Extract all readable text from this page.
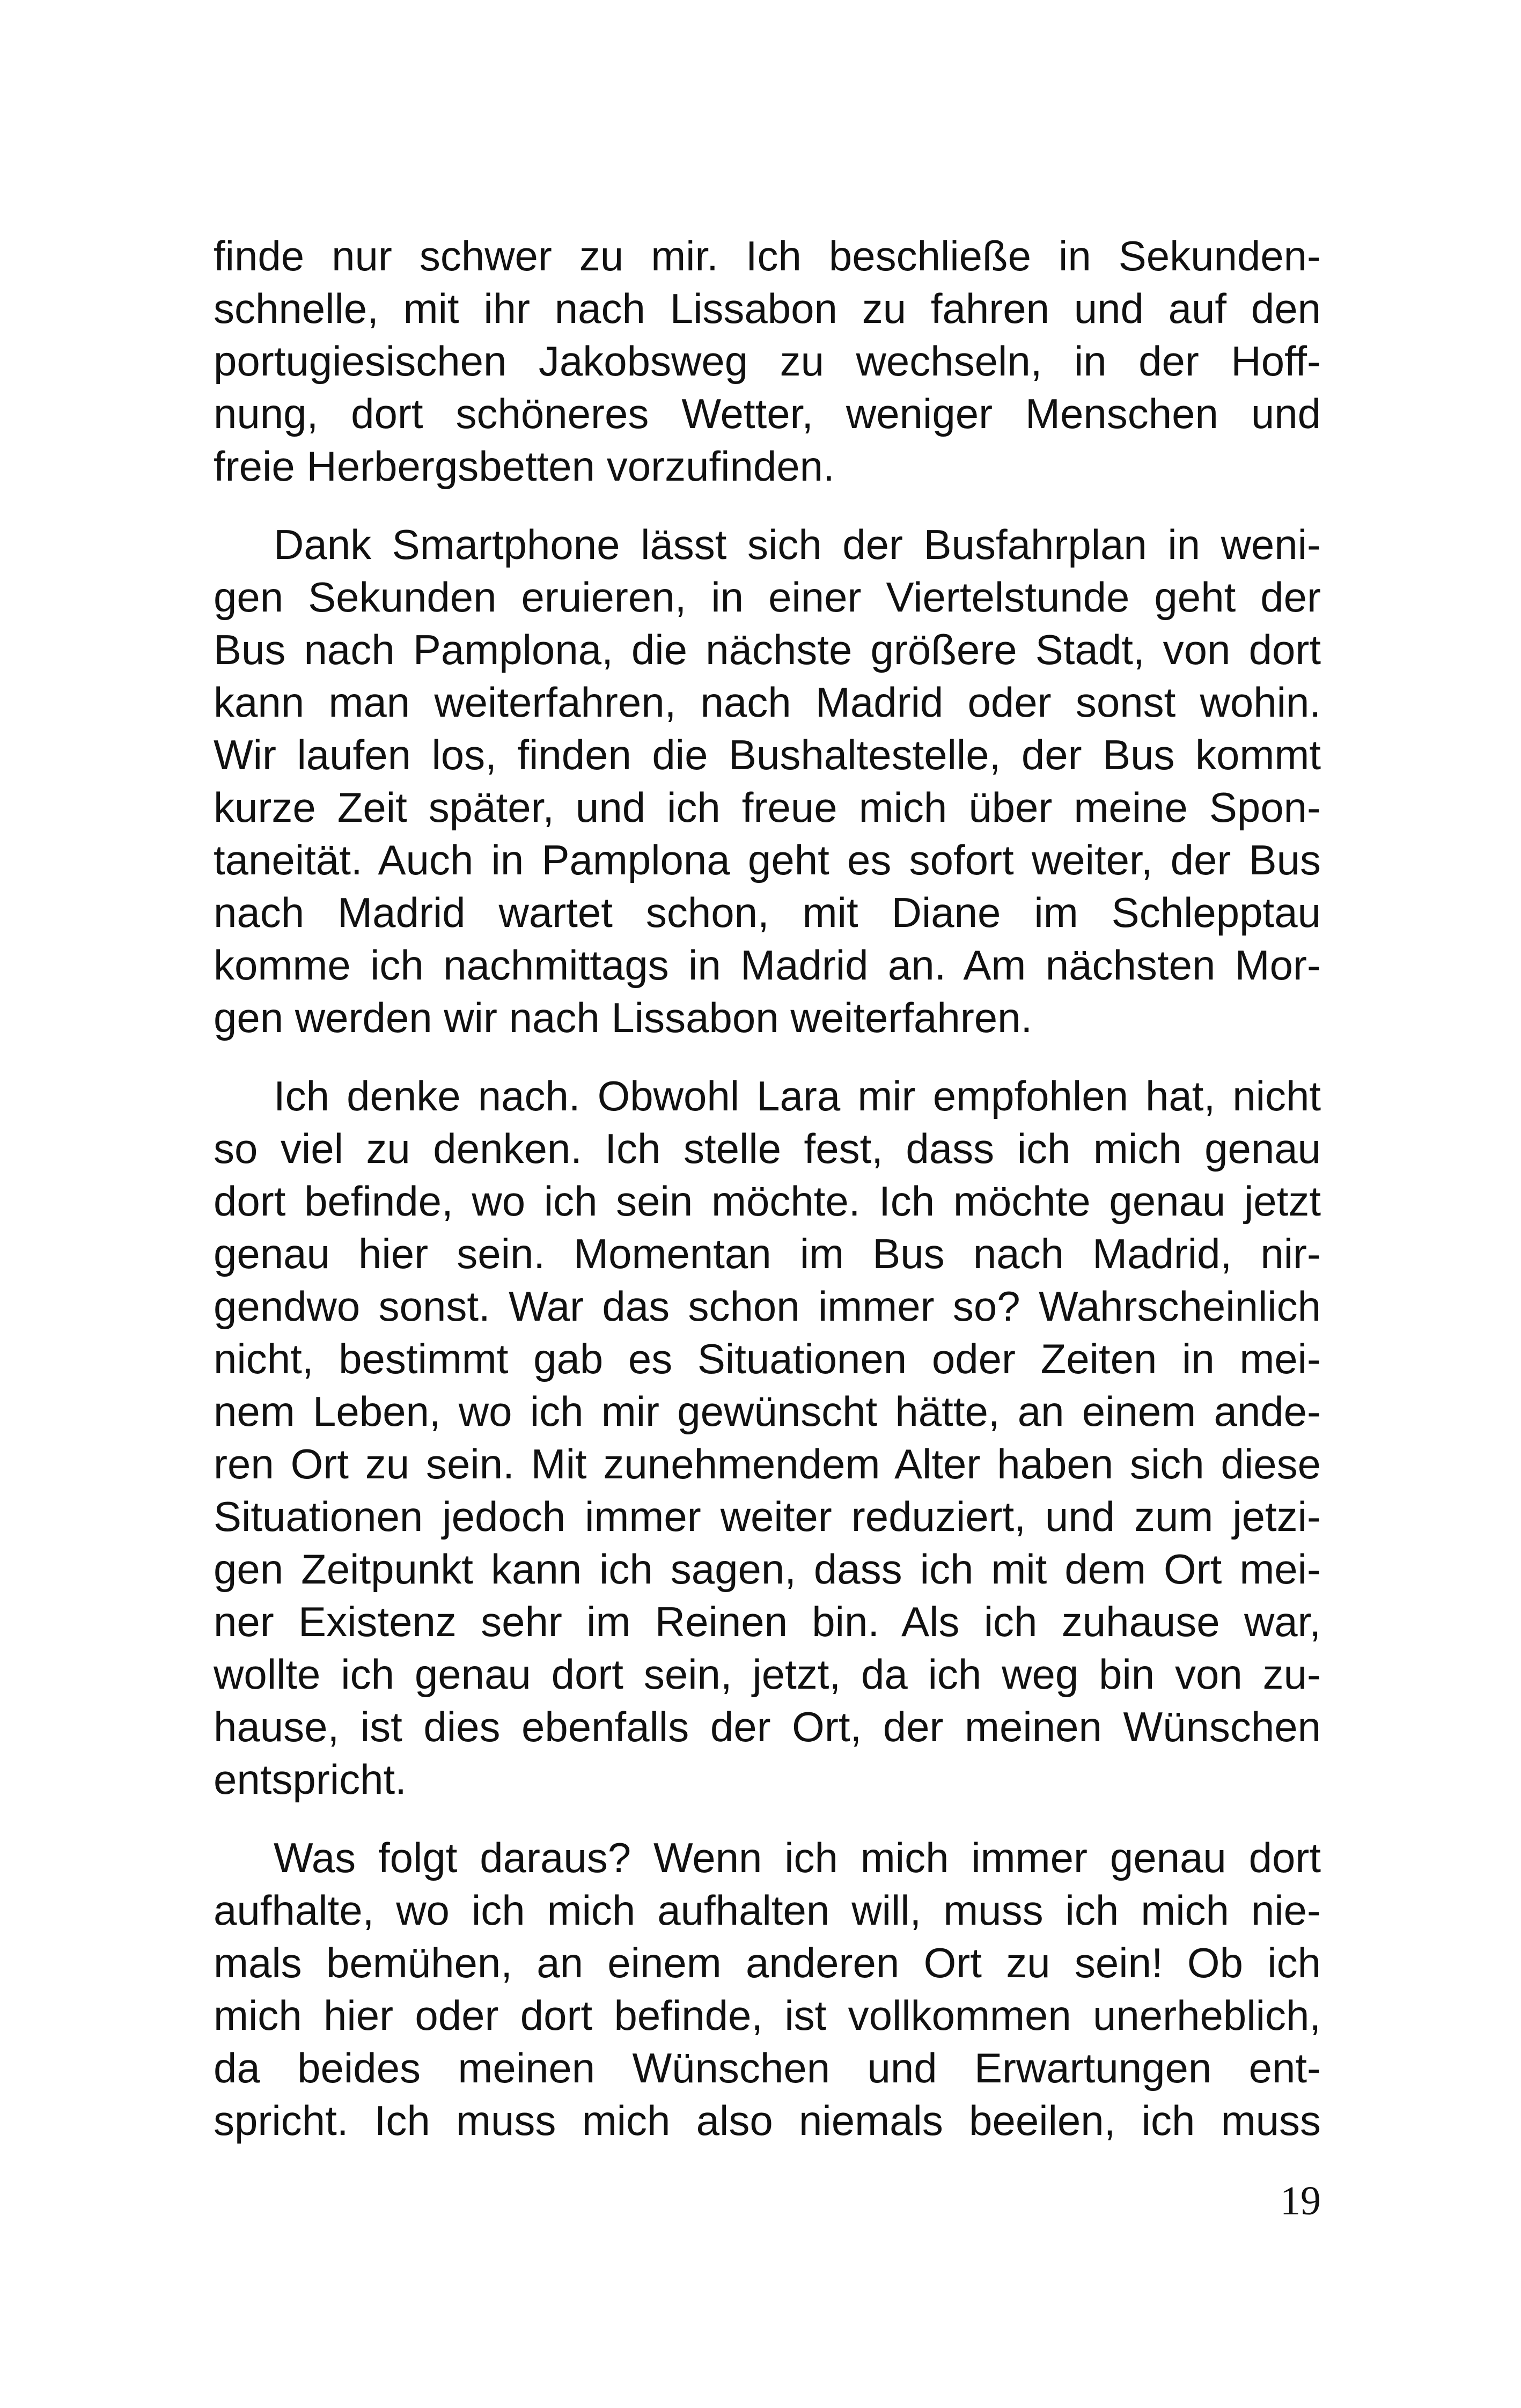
finde nur schwer zu mir. Ich beschließe in Sekunden-
schnelle, mit ihr nach Lissabon zu fahren und auf den
portugiesischen Jakobsweg zu wechseln, in der Hoff-
nung, dort schöneres Wetter, weniger Menschen und
freie Herbergsbetten vorzufinden.
Dank Smartphone lässt sich der Busfahrplan in weni-
gen Sekunden eruieren, in einer Viertelstunde geht der
Bus nach Pamplona, die nächste größere Stadt, von dort
kann man weiterfahren, nach Madrid oder sonst wohin.
Wir laufen los, finden die Bushaltestelle, der Bus kommt
kurze Zeit später, und ich freue mich über meine Spon-
taneität. Auch in Pamplona geht es sofort weiter, der Bus
nach Madrid wartet schon, mit Diane im Schlepptau
komme ich nachmittags in Madrid an. Am nächsten Mor-
gen werden wir nach Lissabon weiterfahren.
Ich denke nach. Obwohl Lara mir empfohlen hat, nicht
so viel zu denken. Ich stelle fest, dass ich mich genau
dort befinde, wo ich sein möchte. Ich möchte genau jetzt
genau hier sein. Momentan im Bus nach Madrid, nir-
gendwo sonst. War das schon immer so? Wahrscheinlich
nicht, bestimmt gab es Situationen oder Zeiten in mei-
nem Leben, wo ich mir gewünscht hätte, an einem ande-
ren Ort zu sein. Mit zunehmendem Alter haben sich diese
Situationen jedoch immer weiter reduziert, und zum jetzi-
gen Zeitpunkt kann ich sagen, dass ich mit dem Ort mei-
ner Existenz sehr im Reinen bin. Als ich zuhause war,
wollte ich genau dort sein, jetzt, da ich weg bin von zu-
hause, ist dies ebenfalls der Ort, der meinen Wünschen
entspricht.
Was folgt daraus? Wenn ich mich immer genau dort
aufhalte, wo ich mich aufhalten will, muss ich mich nie-
mals bemühen, an einem anderen Ort zu sein! Ob ich
mich hier oder dort befinde, ist vollkommen unerheblich,
da beides meinen Wünschen und Erwartungen ent-
spricht. Ich muss mich also niemals beeilen, ich muss
19
